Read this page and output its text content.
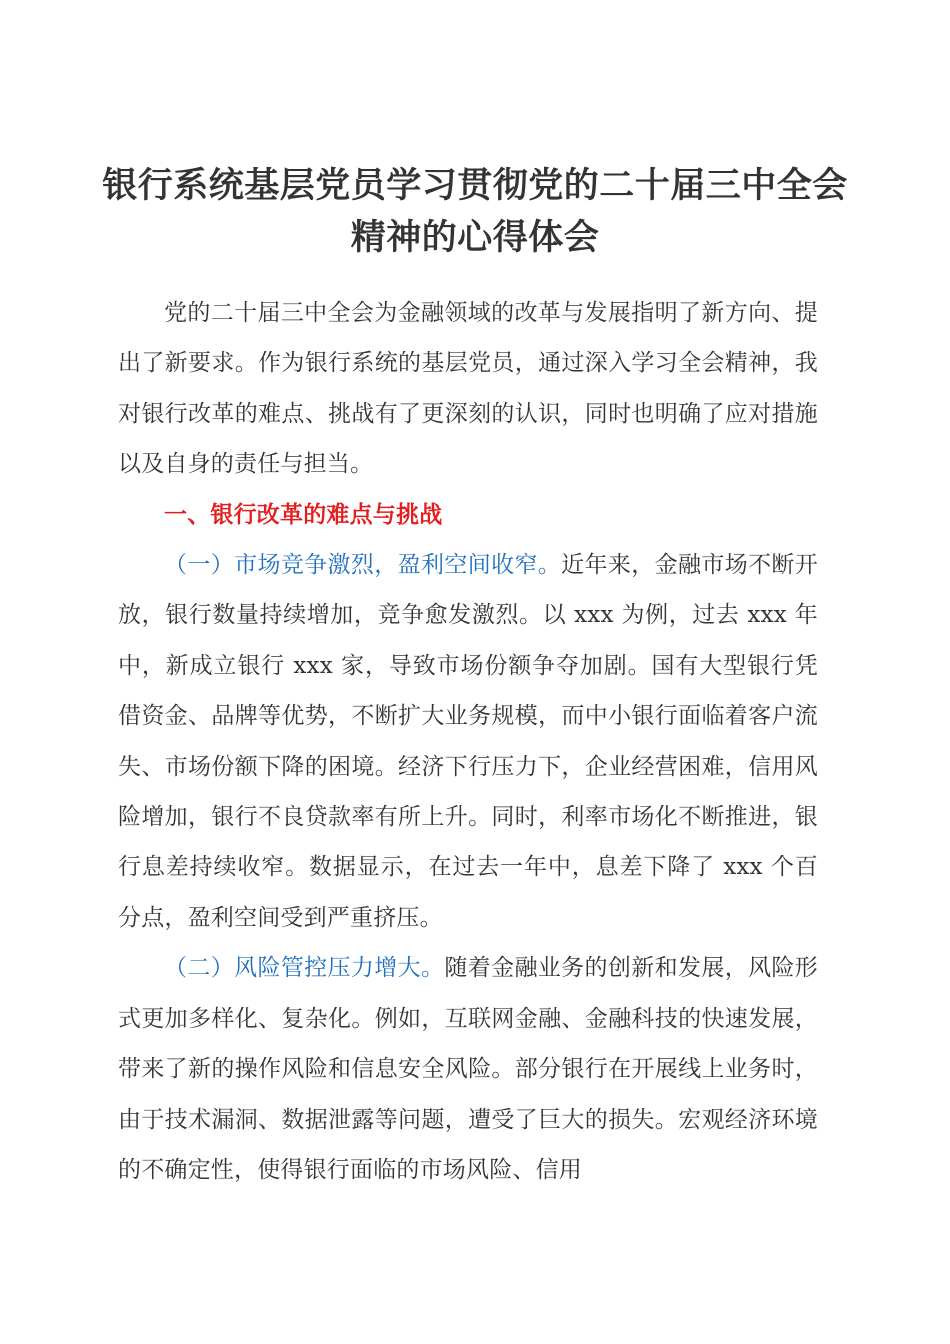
银行系统基层党员学习贯彻党的二十届三中全会精神的心得体会

党的二十届三中全会为金融领域的改革与发展指明了新方向、提出了新要求。作为银行系统的基层党员，通过深入学习全会精神，我对银行改革的难点、挑战有了更深刻的认识，同时也明确了应对措施以及自身的责任与担当。

一、银行改革的难点与挑战

（一）市场竞争激烈，盈利空间收窄。近年来，金融市场不断开放，银行数量持续增加，竞争愈发激烈。以 xxx 为例，过去 xxx 年中，新成立银行 xxx 家，导致市场份额争夺加剧。国有大型银行凭借资金、品牌等优势，不断扩大业务规模，而中小银行面临着客户流失、市场份额下降的困境。经济下行压力下，企业经营困难，信用风险增加，银行不良贷款率有所上升。同时，利率市场化不断推进，银行息差持续收窄。数据显示，在过去一年中，息差下降了 xxx 个百分点，盈利空间受到严重挤压。

（二）风险管控压力增大。随着金融业务的创新和发展，风险形式更加多样化、复杂化。例如，互联网金融、金融科技的快速发展，带来了新的操作风险和信息安全风险。部分银行在开展线上业务时，由于技术漏洞、数据泄露等问题，遭受了巨大的损失。宏观经济环境的不确定性，使得银行面临的市场风险、信用
